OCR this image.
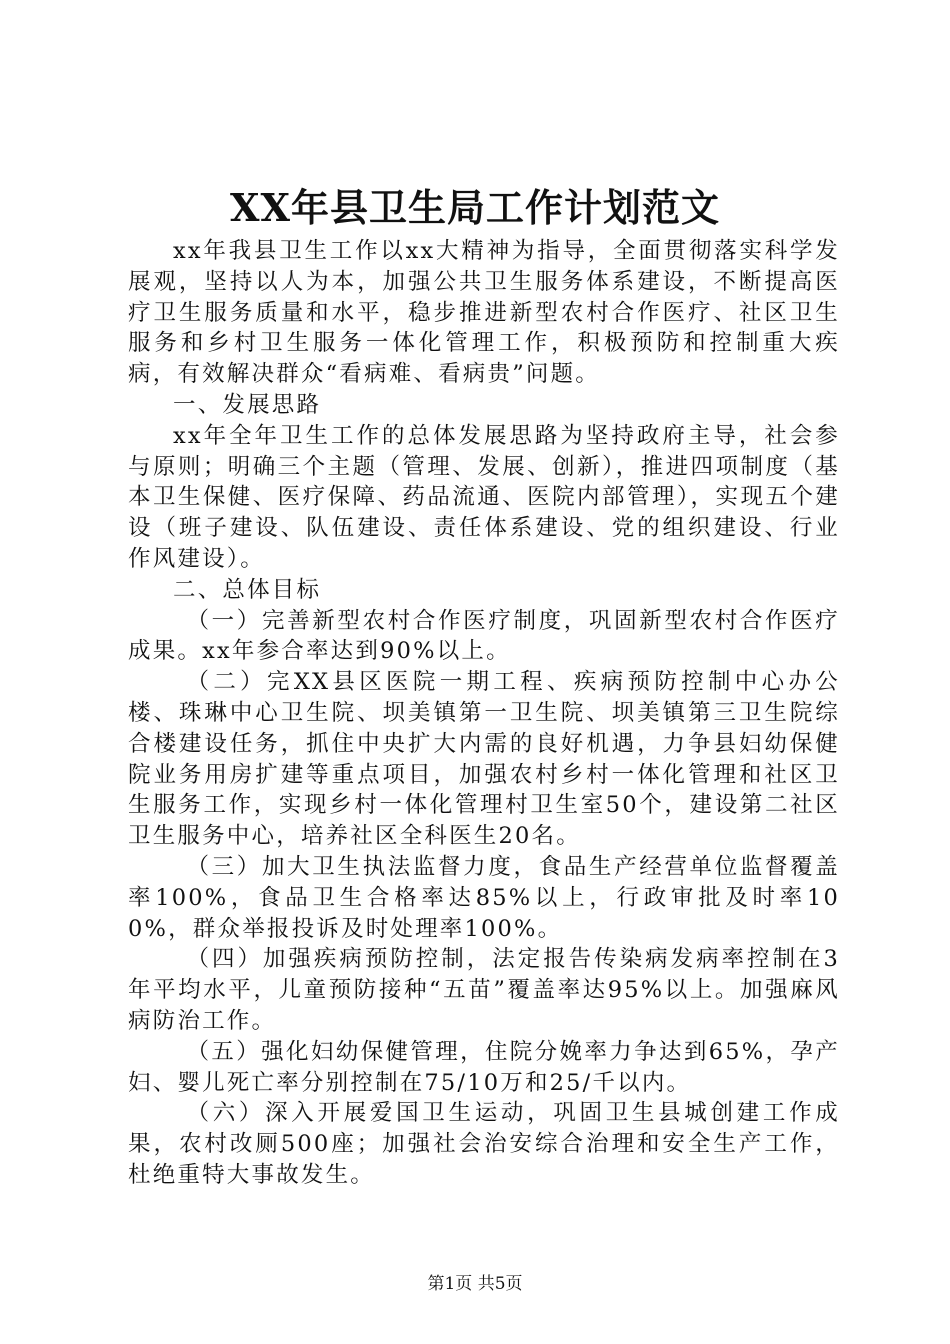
XX年县卫生局工作计划范文

xx年我县卫生工作以xx大精神为指导，全面贯彻落实科学发展观，坚持以人为本，加强公共卫生服务体系建设，不断提高医疗卫生服务质量和水平，稳步推进新型农村合作医疗、社区卫生服务和乡村卫生服务一体化管理工作，积极预防和控制重大疾病，有效解决群众“看病难、看病贵”问题。

一、发展思路

xx年全年卫生工作的总体发展思路为坚持政府主导，社会参与原则；明确三个主题（管理、发展、创新），推进四项制度（基本卫生保健、医疗保障、药品流通、医院内部管理），实现五个建设（班子建设、队伍建设、责任体系建设、党的组织建设、行业作风建设）。

二、总体目标

（一）完善新型农村合作医疗制度，巩固新型农村合作医疗成果。xx年参合率达到90%以上。

（二）完XX县区医院一期工程、疾病预防控制中心办公楼、珠琳中心卫生院、坝美镇第一卫生院、坝美镇第三卫生院综合楼建设任务，抓住中央扩大内需的良好机遇，力争县妇幼保健院业务用房扩建等重点项目，加强农村乡村一体化管理和社区卫生服务工作，实现乡村一体化管理村卫生室50个，建设第二社区卫生服务中心，培养社区全科医生20名。

（三）加大卫生执法监督力度，食品生产经营单位监督覆盖率100%，食品卫生合格率达85%以上，行政审批及时率100%，群众举报投诉及时处理率100%。

（四）加强疾病预防控制，法定报告传染病发病率控制在3年平均水平，儿童预防接种“五苗”覆盖率达95%以上。加强麻风病防治工作。

（五）强化妇幼保健管理，住院分娩率力争达到65%，孕产妇、婴儿死亡率分别控制在75/10万和25/千以内。

（六）深入开展爱国卫生运动，巩固卫生县城创建工作成果，农村改厕500座；加强社会治安综合治理和安全生产工作，杜绝重特大事故发生。

第1页 共5页
